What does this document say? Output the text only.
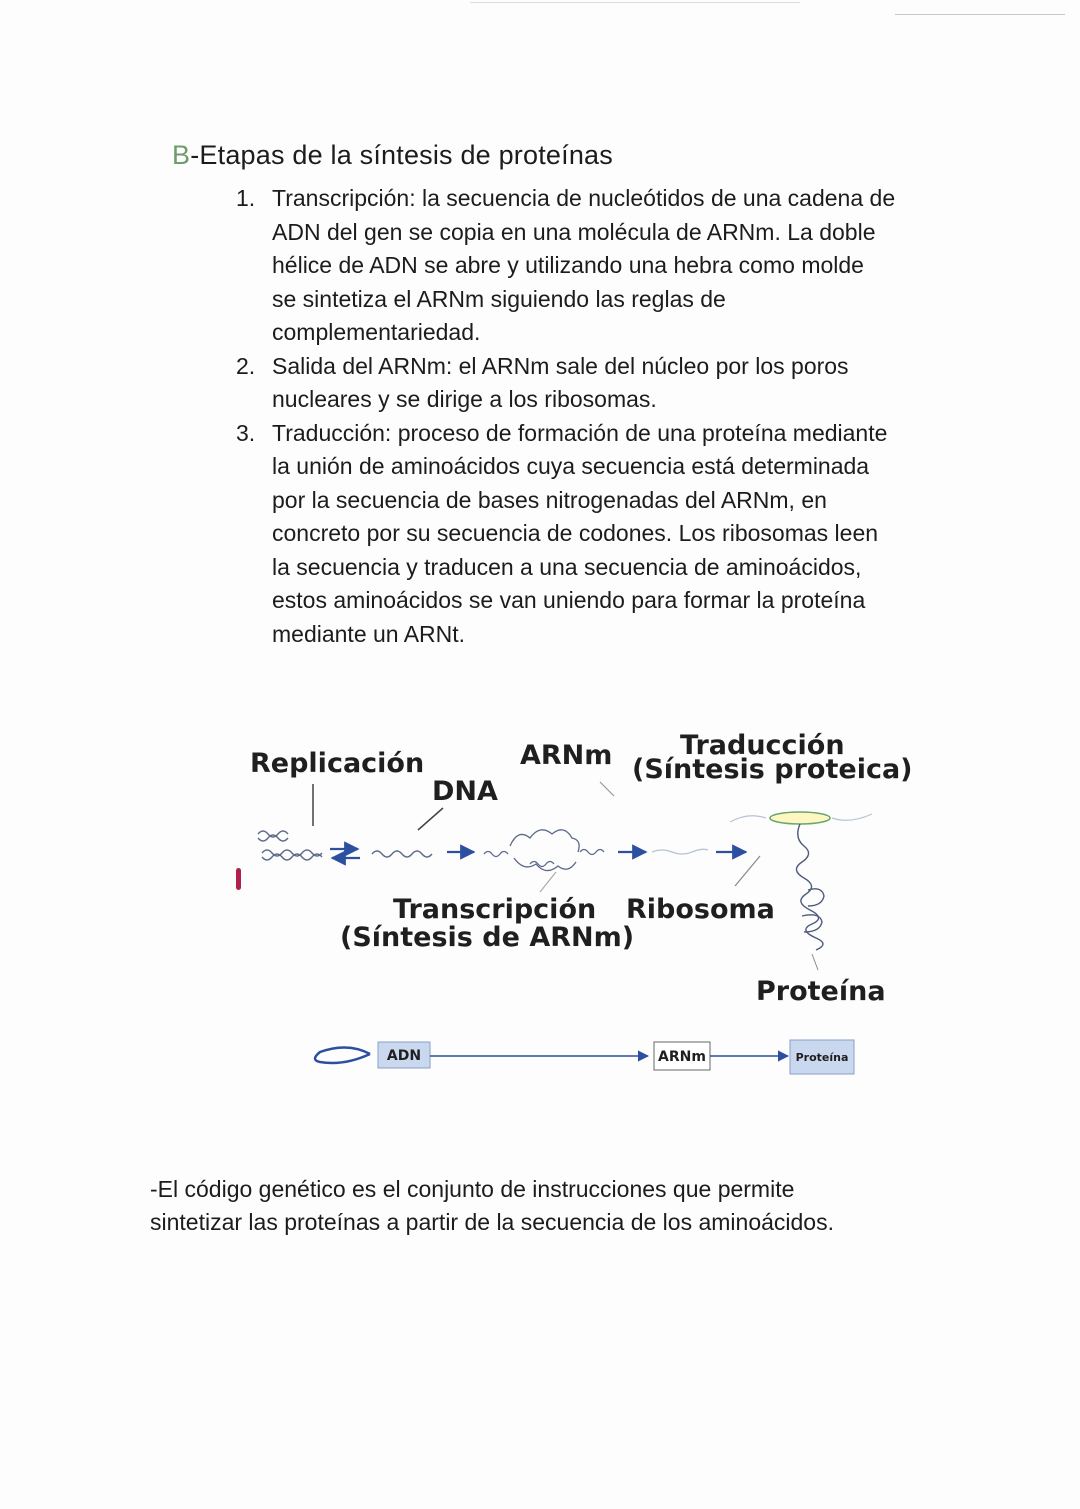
B-Etapas de la síntesis de proteínas
1. Transcripción: la secuencia de nucleótidos de una cadena de
ADN del gen se copia en una molécula de ARNm. La doble
hélice de ADN se abre y utilizando una hebra como molde
se sintetiza el ARNm siguiendo las reglas de
complementariedad.
2. Salida del ARNm: el ARNm sale del núcleo por los poros
nucleares y se dirige a los ribosomas.
3. Traducción: proceso de formación de una proteína mediante
la unión de aminoácidos cuya secuencia está determinada
por la secuencia de bases nitrogenadas del ARNm, en
concreto por su secuencia de codones. Los ribosomas leen
la secuencia y traducen a una secuencia de aminoácidos,
estos aminoácidos se van uniendo para formar la proteína
mediante un ARNt.
Replicación
DNA
ARNm	Traducción
(Síntesis proteica)
Transcripción
(Síntesis de ARNm)
Ribosoma
Proteína
ADN	ARNm	Proteína
-El código genético es el conjunto de instrucciones que permite
sintetizar las proteínas a partir de la secuencia de los aminoácidos.
